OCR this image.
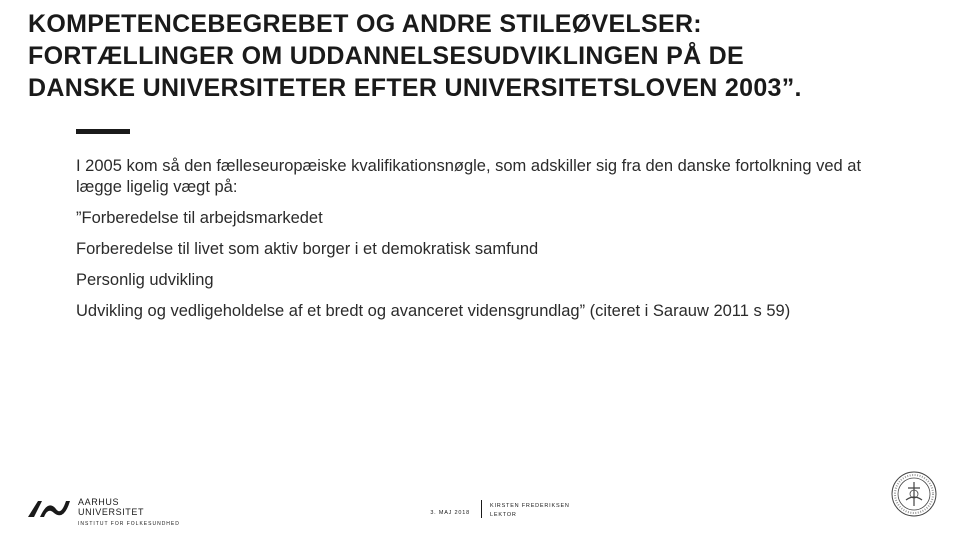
KOMPETENCEBEGREBET OG ANDRE STILEØVELSER:
FORTÆLLINGER OM UDDANNELSESUDVIKLINGEN PÅ DE
DANSKE UNIVERSITETER EFTER UNIVERSITETSLOVEN 2003”.

I 2005 kom så den fælleseuropæiske kvalifikationsnøgle, som adskiller sig fra den danske fortolkning ved at lægge ligelig vægt på:

”Forberedelse til arbejdsmarkedet

Forberedelse til livet som aktiv borger i et demokratisk samfund

Personlig udvikling

Udvikling og vedligeholdelse af et bredt og avanceret vidensgrundlag” (citeret i Sarauw 2011 s 59)

AARHUS
UNIVERSITET
INSTITUT FOR FOLKESUNDHED
3. MAJ 2018
KIRSTEN FREDERIKSEN
LEKTOR
